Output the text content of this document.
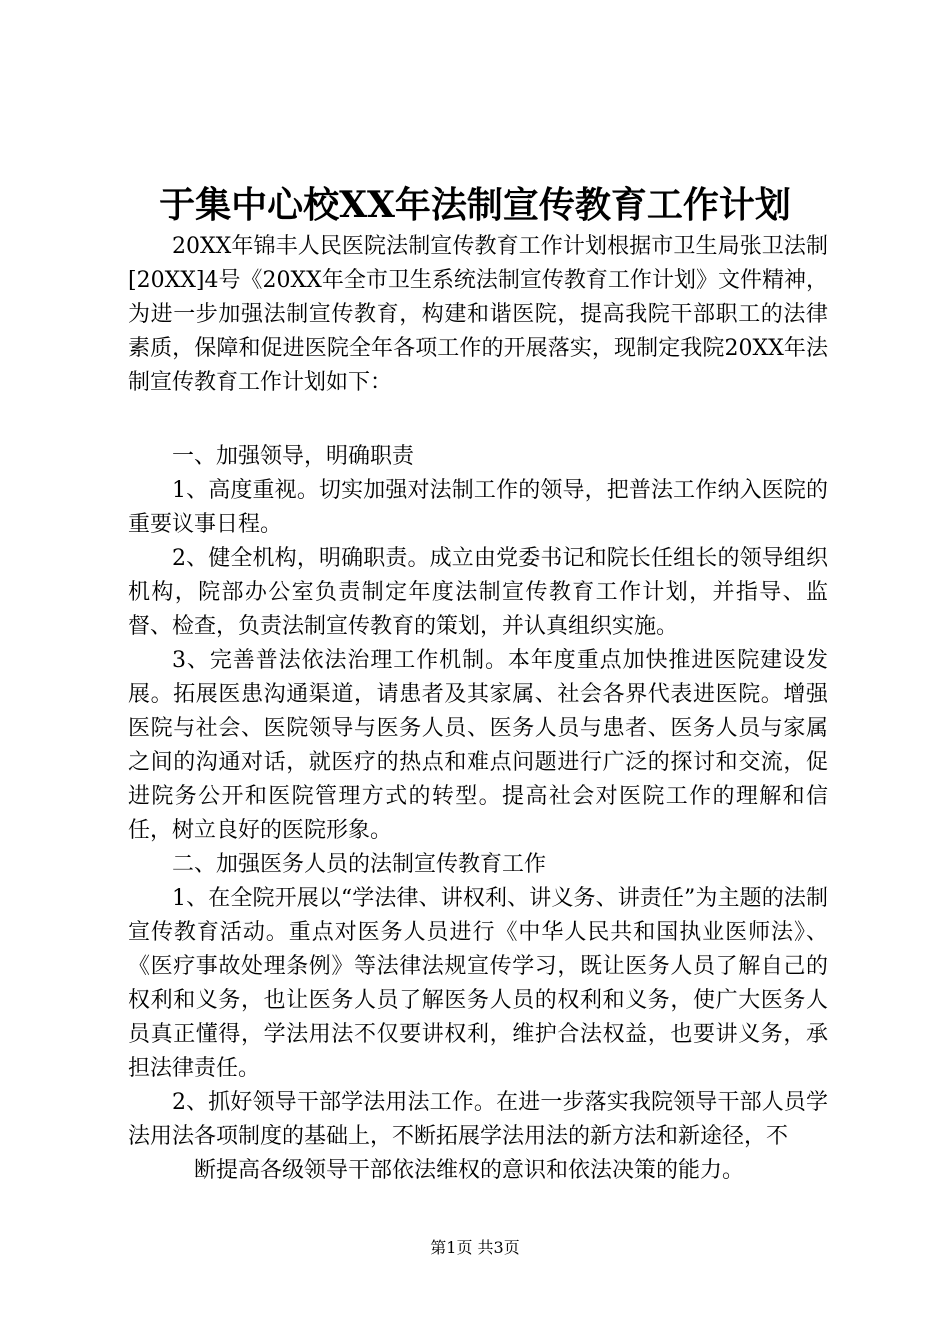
于集中心校XX年法制宣传教育工作计划

20XX年锦丰人民医院法制宣传教育工作计划根据市卫生局张卫法制[20XX]4号《20XX年全市卫生系统法制宣传教育工作计划》文件精神，为进一步加强法制宣传教育，构建和谐医院，提高我院干部职工的法律素质，保障和促进医院全年各项工作的开展落实，现制定我院20XX年法制宣传教育工作计划如下：

一、加强领导，明确职责

1、高度重视。切实加强对法制工作的领导，把普法工作纳入医院的重要议事日程。

2、健全机构，明确职责。成立由党委书记和院长任组长的领导组织机构，院部办公室负责制定年度法制宣传教育工作计划，并指导、监督、检查，负责法制宣传教育的策划，并认真组织实施。

3、完善普法依法治理工作机制。本年度重点加快推进医院建设发展。拓展医患沟通渠道，请患者及其家属、社会各界代表进医院。增强医院与社会、医院领导与医务人员、医务人员与患者、医务人员与家属之间的沟通对话，就医疗的热点和难点问题进行广泛的探讨和交流，促进院务公开和医院管理方式的转型。提高社会对医院工作的理解和信任，树立良好的医院形象。

二、加强医务人员的法制宣传教育工作

1、在全院开展以“学法律、讲权利、讲义务、讲责任”为主题的法制宣传教育活动。重点对医务人员进行《中华人民共和国执业医师法》、《医疗事故处理条例》等法律法规宣传学习，既让医务人员了解自己的权利和义务，也让医务人员了解医务人员的权利和义务，使广大医务人员真正懂得，学法用法不仅要讲权利，维护合法权益，也要讲义务，承担法律责任。

2、抓好领导干部学法用法工作。在进一步落实我院领导干部人员学法用法各项制度的基础上，不断拓展学法用法的新方法和新途径，不

断提高各级领导干部依法维权的意识和依法决策的能力。

第1页 共3页
